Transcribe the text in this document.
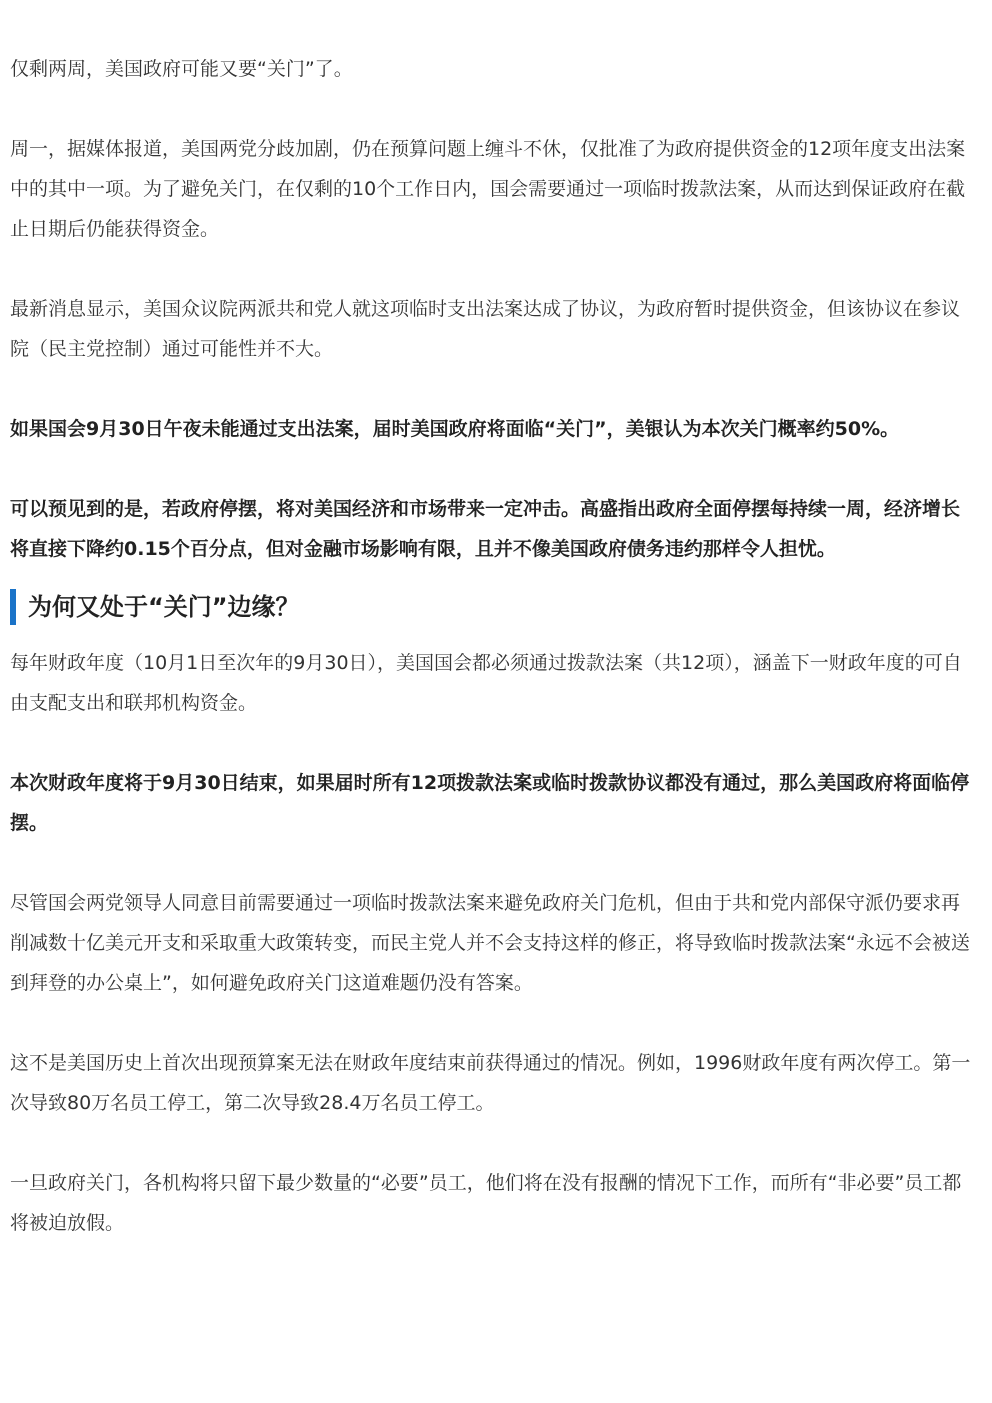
仅剩两周，美国政府可能又要“关门”了。

周一，据媒体报道，美国两党分歧加剧，仍在预算问题上缠斗不休，仅批准了为政府提供资金的12项年度支出法案中的其中一项。为了避免关门，在仅剩的10个工作日内，国会需要通过一项临时拨款法案，从而达到保证政府在截止日期后仍能获得资金。

最新消息显示，美国众议院两派共和党人就这项临时支出法案达成了协议，为政府暂时提供资金，但该协议在参议院（民主党控制）通过可能性并不大。

如果国会9月30日午夜未能通过支出法案，届时美国政府将面临“关门”，美银认为本次关门概率约50%。

可以预见到的是，若政府停摆，将对美国经济和市场带来一定冲击。高盛指出政府全面停摆每持续一周，经济增长将直接下降约0.15个百分点，但对金融市场影响有限，且并不像美国政府债务违约那样令人担忧。

为何又处于“关门”边缘？

每年财政年度（10月1日至次年的9月30日），美国国会都必须通过拨款法案（共12项），涵盖下一财政年度的可自由支配支出和联邦机构资金。

本次财政年度将于9月30日结束，如果届时所有12项拨款法案或临时拨款协议都没有通过，那么美国政府将面临停摆。

尽管国会两党领导人同意目前需要通过一项临时拨款法案来避免政府关门危机，但由于共和党内部保守派仍要求再削减数十亿美元开支和采取重大政策转变，而民主党人并不会支持这样的修正，将导致临时拨款法案“永远不会被送到拜登的办公桌上”，如何避免政府关门这道难题仍没有答案。

这不是美国历史上首次出现预算案无法在财政年度结束前获得通过的情况。例如，1996财政年度有两次停工。第一次导致80万名员工停工，第二次导致28.4万名员工停工。

一旦政府关门，各机构将只留下最少数量的“必要”员工，他们将在没有报酬的情况下工作，而所有“非必要”员工都将被迫放假。
